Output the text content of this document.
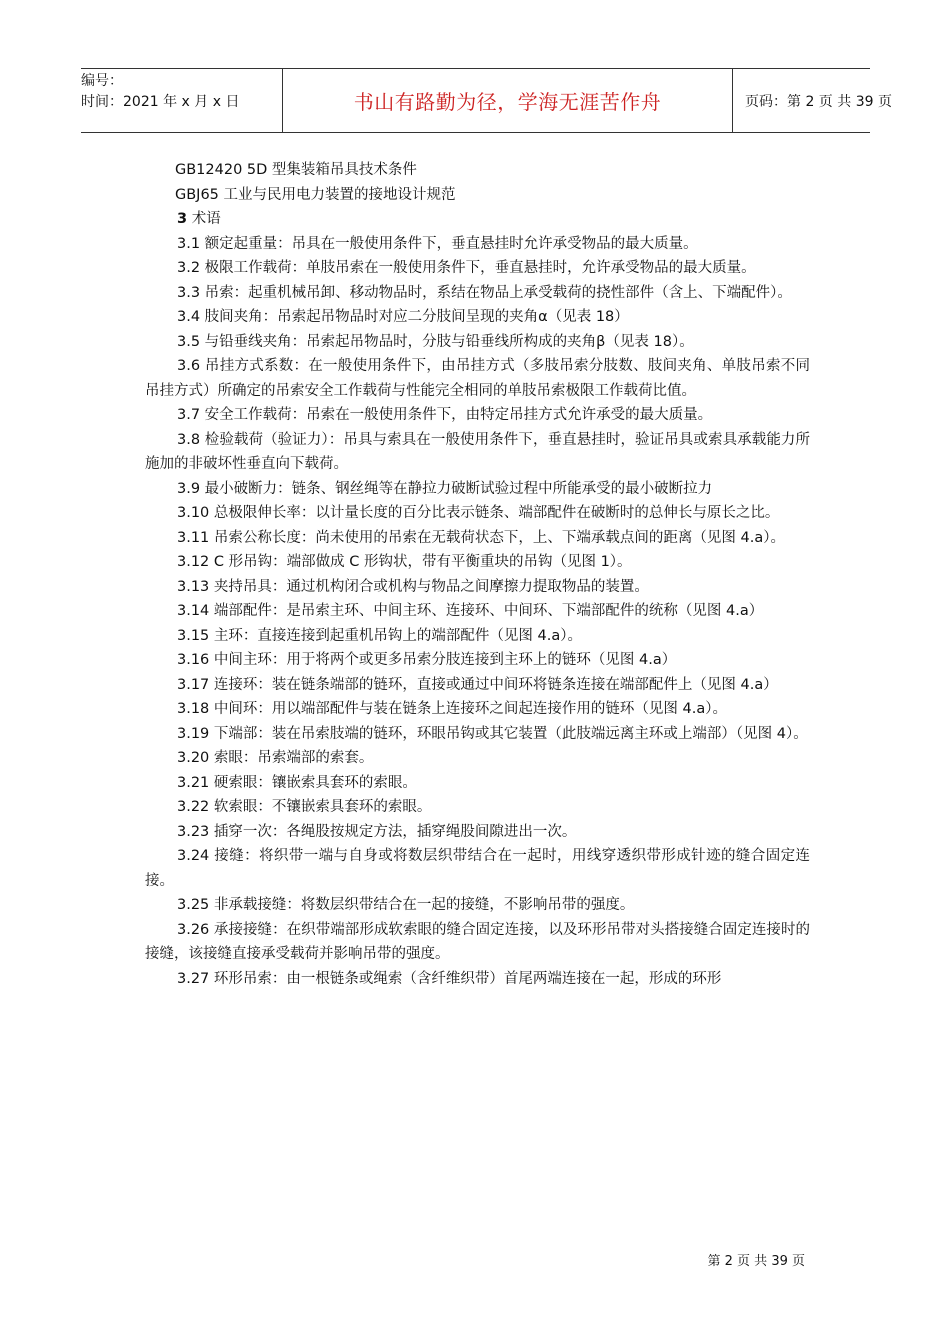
编号：
时间：2021 年 x 月 x 日	书山有路勤为径，学海无涯苦作舟	页码：第 2 页 共 39 页

GB12420 5D 型集装箱吊具技术条件

GBJ65 工业与民用电力装置的接地设计规范

3 术语

3.1 额定起重量：吊具在一般使用条件下，垂直悬挂时允许承受物品的最大质量。

3.2 极限工作载荷：单肢吊索在一般使用条件下，垂直悬挂时，允许承受物品的最大质量。

3.3 吊索：起重机械吊卸、移动物品时，系结在物品上承受载荷的挠性部件（含上、下端配件）。

3.4 肢间夹角：吊索起吊物品时对应二分肢间呈现的夹角α（见表 18）

3.5 与铅垂线夹角：吊索起吊物品时，分肢与铅垂线所构成的夹角β（见表 18）。

3.6 吊挂方式系数：在一般使用条件下，由吊挂方式（多肢吊索分肢数、肢间夹角、单肢吊索不同吊挂方式）所确定的吊索安全工作载荷与性能完全相同的单肢吊索极限工作载荷比值。

3.7 安全工作载荷：吊索在一般使用条件下，由特定吊挂方式允许承受的最大质量。

3.8 检验载荷（验证力）：吊具与索具在一般使用条件下，垂直悬挂时，验证吊具或索具承载能力所施加的非破坏性垂直向下载荷。

3.9 最小破断力：链条、钢丝绳等在静拉力破断试验过程中所能承受的最小破断拉力

3.10 总极限伸长率：以计量长度的百分比表示链条、端部配件在破断时的总伸长与原长之比。

3.11 吊索公称长度：尚未使用的吊索在无载荷状态下，上、下端承载点间的距离（见图 4.a）。

3.12 C 形吊钩：端部做成 C 形钩状，带有平衡重块的吊钩（见图 1）。

3.13 夹持吊具：通过机构闭合或机构与物品之间摩擦力提取物品的装置。

3.14 端部配件：是吊索主环、中间主环、连接环、中间环、下端部配件的统称（见图 4.a）

3.15 主环：直接连接到起重机吊钩上的端部配件（见图 4.a）。

3.16 中间主环：用于将两个或更多吊索分肢连接到主环上的链环（见图 4.a）

3.17 连接环：装在链条端部的链环，直接或通过中间环将链条连接在端部配件上（见图 4.a）

3.18 中间环：用以端部配件与装在链条上连接环之间起连接作用的链环（见图 4.a）。

3.19 下端部：装在吊索肢端的链环，环眼吊钩或其它装置（此肢端远离主环或上端部）（见图 4）。

3.20 索眼：吊索端部的索套。

3.21 硬索眼：镶嵌索具套环的索眼。

3.22 软索眼：不镶嵌索具套环的索眼。

3.23 插穿一次：各绳股按规定方法，插穿绳股间隙进出一次。

3.24 接缝：将织带一端与自身或将数层织带结合在一起时，用线穿透织带形成针迹的缝合固定连接。

3.25 非承载接缝：将数层织带结合在一起的接缝，不影响吊带的强度。

3.26 承接接缝：在织带端部形成软索眼的缝合固定连接，以及环形吊带对头搭接缝合固定连接时的接缝，该接缝直接承受载荷并影响吊带的强度。

3.27 环形吊索：由一根链条或绳索（含纤维织带）首尾两端连接在一起，形成的环形

第 2 页 共 39 页
